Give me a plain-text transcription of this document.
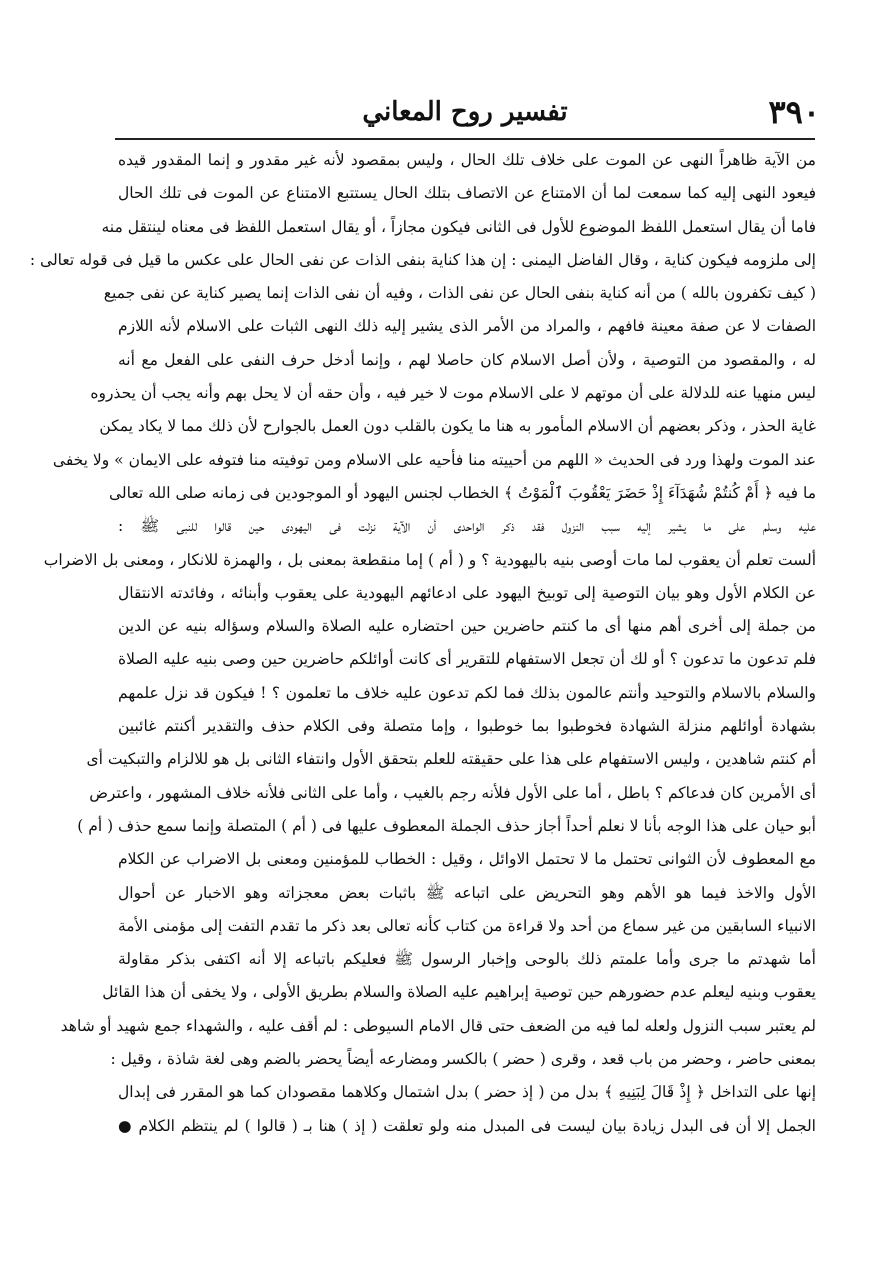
٣٩٠
تفسير روح المعاني
من الآية ظاهراً النهى عن الموت على خلاف تلك الحال ، وليس بمقصود لأنه غير مقدور و إنما المقدور قيده
فيعود النهى إليه كما سمعت لما أن الامتناع عن الاتصاف بتلك الحال يستتبع الامتناع عن الموت فى تلك الحال
فاما أن يقال استعمل اللفظ الموضوع للأول فى الثانى فيكون مجازاً ، أو يقال استعمل اللفظ فى معناه لينتقل منه
إلى ملزومه فيكون كناية ، وقال الفاضل اليمنى : إن هذا كناية بنفى الذات عن نفى الحال على عكس ما قيل فى قوله تعالى :
( كيف تكفرون بالله ) من أنه كناية بنفى الحال عن نفى الذات ، وفيه أن نفى الذات إنما يصير كناية عن نفى جميع
الصفات لا عن صفة معينة فافهم ، والمراد من الأمر الذى يشير إليه ذلك النهى الثبات على الاسلام لأنه اللازم
له ، والمقصود من التوصية ، ولأن أصل الاسلام كان حاصلا لهم ، وإنما أدخل حرف النفى على الفعل مع أنه
ليس منهيا عنه للدلالة على أن موتهم لا على الاسلام موت لا خير فيه ، وأن حقه أن لا يحل بهم وأنه يجب أن يحذروه
غاية الحذر ، وذكر بعضهم أن الاسلام المأمور به هنا ما يكون بالقلب دون العمل بالجوارح لأن ذلك مما لا يكاد يمكن
عند الموت ولهذا ورد فى الحديث « اللهم من أحييته منا فأحيه على الاسلام ومن توفيته منا فتوفه على الايمان » ولا يخفى
ما فيه ﴿ أَمْ كُنتُمْ شُهَدَآءَ إِذْ حَضَرَ يَعْقُوبَ ٱلْمَوْتُ ﴾ الخطاب لجنس اليهود أو الموجودين فى زمانه صلى الله تعالى
عليه وسلم على ما يشير إليه سبب النزول فقد ذكر الواحدى أن الآية نزلت فى اليهودى حين قالوا للنبى ﷺ :
ألست تعلم أن يعقوب لما مات أوصى بنيه باليهودية ؟ و ( أم ) إما منقطعة بمعنى بل ، والهمزة للانكار ، ومعنى بل الاضراب
عن الكلام الأول وهو بيان التوصية إلى توبيخ اليهود على ادعائهم اليهودية على يعقوب وأبنائه ، وفائدته الانتقال
من جملة إلى أخرى أهم منها أى ما كنتم حاضرين حين احتضاره عليه الصلاة والسلام وسؤاله بنيه عن الدين
فلم تدعون ما تدعون ؟ أو لك أن تجعل الاستفهام للتقرير أى كانت أوائلكم حاضرين حين وصى بنيه عليه الصلاة
والسلام بالاسلام والتوحيد وأنتم عالمون بذلك فما لكم تدعون عليه خلاف ما تعلمون ؟ ! فيكون قد نزل علمهم
بشهادة أوائلهم منزلة الشهادة فخوطبوا بما خوطبوا ، وإما متصلة وفى الكلام حذف والتقدير أكنتم غائبين
أم كنتم شاهدين ، وليس الاستفهام على هذا على حقيقته للعلم بتحقق الأول وانتفاء الثانى بل هو للالزام والتبكيت أى
أى الأمرين كان فدعاكم ؟ باطل ، أما على الأول فلأنه رجم بالغيب ، وأما على الثانى فلأنه خلاف المشهور ، واعترض
أبو حيان على هذا الوجه بأنا لا نعلم أحداً أجاز حذف الجملة المعطوف عليها فى ( أم ) المتصلة وإنما سمع حذف ( أم )
مع المعطوف لأن الثوانى تحتمل ما لا تحتمل الاوائل ، وقيل : الخطاب للمؤمنين ومعنى بل الاضراب عن الكلام
الأول والاخذ فيما هو الأهم وهو التحريض على اتباعه ﷺ باثبات بعض معجزاته وهو الاخبار عن أحوال
الانبياء السابقين من غير سماع من أحد ولا قراءة من كتاب كأنه تعالى بعد ذكر ما تقدم التفت إلى مؤمنى الأمة
أما شهدتم ما جرى وأما علمتم ذلك بالوحى وإخبار الرسول ﷺ فعليكم باتباعه إلا أنه اكتفى بذكر مقاولة
يعقوب وبنيه ليعلم عدم حضورهم حين توصية إبراهيم عليه الصلاة والسلام بطريق الأولى ، ولا يخفى أن هذا القائل
لم يعتبر سبب النزول ولعله لما فيه من الضعف حتى قال الامام السيوطى : لم أقف عليه ، والشهداء جمع شهيد أو شاهد
بمعنى حاضر ، وحضر من باب قعد ، وقرى ( حضر ) بالكسر ومضارعه أيضاً يحضر بالضم وهى لغة شاذة ، وقيل :
إنها على التداخل ﴿ إِذْ قَالَ لِبَنِيهِ ﴾ بدل من ( إذ حضر ) بدل اشتمال وكلاهما مقصودان كما هو المقرر فى إبدال
الجمل إلا أن فى البدل زيادة بيان ليست فى المبدل منه ولو تعلقت ( إذ ) هنا بـ ( قالوا ) لم ينتظم الكلام ●
